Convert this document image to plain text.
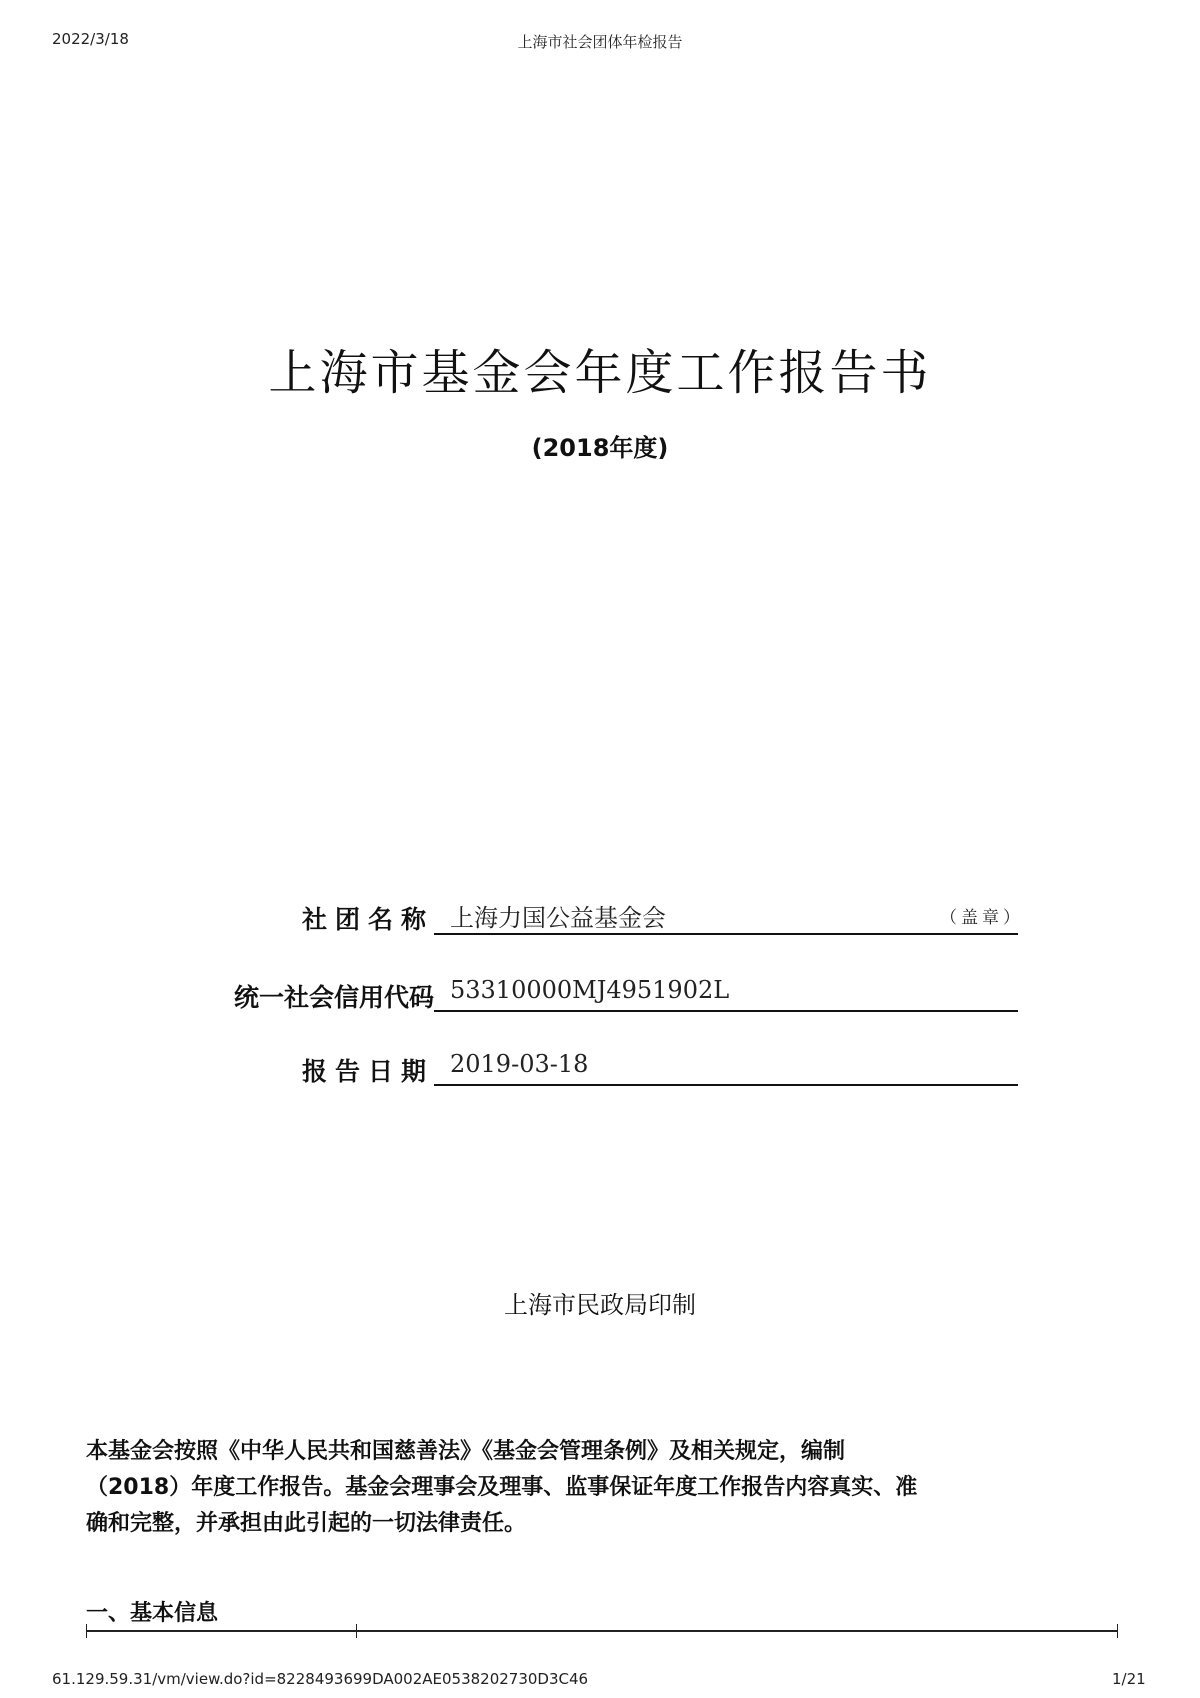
2022/3/18	上海市社会团体年检报告
上海市基金会年度工作报告书
(2018年度)
社团名称 上海力国公益基金会	（盖章）
统一社会信用代码 53310000MJ4951902L
报告日期 2019-03-18
上海市民政局印制
本基金会按照《中华人民共和国慈善法》《基金会管理条例》及相关规定，编制
（2018）年度工作报告。基金会理事会及理事、监事保证年度工作报告内容真实、准
确和完整，并承担由此引起的一切法律责任。
一、基本信息
61.129.59.31/vm/view.do?id=8228493699DA002AE0538202730D3C46	1/21
